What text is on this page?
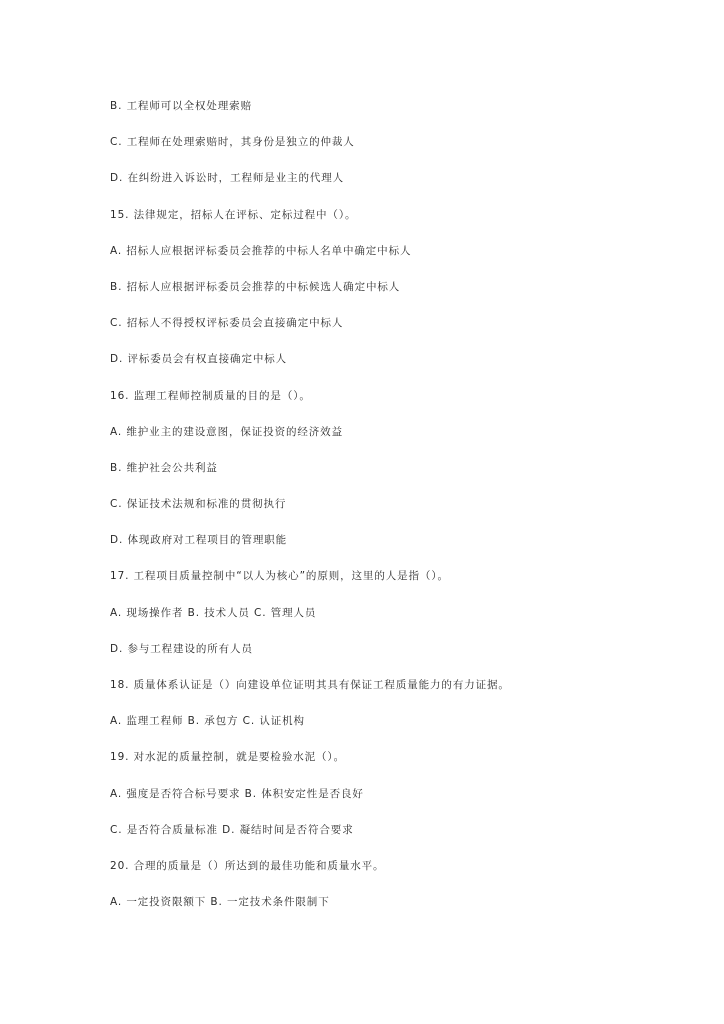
B. 工程师可以全权处理索赔
C. 工程师在处理索赔时，其身份是独立的仲裁人
D. 在纠纷进入诉讼时，工程师是业主的代理人
15. 法律规定，招标人在评标、定标过程中（）。
A. 招标人应根据评标委员会推荐的中标人名单中确定中标人
B. 招标人应根据评标委员会推荐的中标候选人确定中标人
C. 招标人不得授权评标委员会直接确定中标人
D. 评标委员会有权直接确定中标人
16. 监理工程师控制质量的目的是（）。
A. 维护业主的建设意图，保证投资的经济效益
B. 维护社会公共利益
C. 保证技术法规和标准的贯彻执行
D. 体现政府对工程项目的管理职能
17. 工程项目质量控制中“以人为核心”的原则，这里的人是指（）。
A. 现场操作者 B. 技术人员 C. 管理人员
D. 参与工程建设的所有人员
18. 质量体系认证是（）向建设单位证明其具有保证工程质量能力的有力证据。
A. 监理工程师 B. 承包方 C. 认证机构
19. 对水泥的质量控制，就是要检验水泥（）。
A. 强度是否符合标号要求 B. 体积安定性是否良好
C. 是否符合质量标准 D. 凝结时间是否符合要求
20. 合理的质量是（）所达到的最佳功能和质量水平。
A. 一定投资限额下 B. 一定技术条件限制下
